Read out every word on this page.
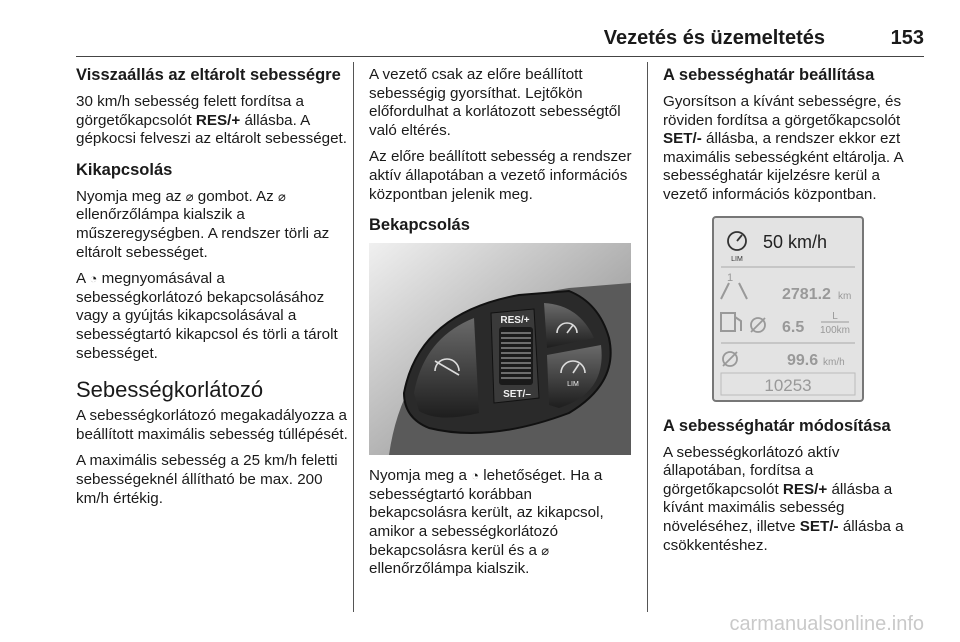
Vezetés és üzemeltetés	153
Visszaállás az eltárolt sebességre

30 km/h sebesség felett fordítsa a görgetőkapcsolót RES/+ állásba. A gépkocsi felveszi az eltárolt sebességet.

Kikapcsolás

Nyomja meg az ⌀ gombot. Az ⌀ ellenőrzőlámpa kialszik a műszeregységben. A rendszer törli az eltárolt sebességet.

A ◔ megnyomásával a sebességkorlátozó bekapcsolásához vagy a gyújtás kikapcsolásával a sebességtartó kikapcsol és törli a tárolt sebességet.

Sebességkorlátozó

A sebességkorlátozó megakadályozza a beállított maximális sebesség túllépését.

A maximális sebesség a 25 km/h feletti sebességeknél állítható be max. 200 km/h értékig.

A vezető csak az előre beállított sebességig gyorsíthat. Lejtőkön előfordulhat a korlátozott sebességtől való eltérés.

Az előre beállított sebesség a rendszer aktív állapotában a vezető információs központban jelenik meg.

Bekapcsolás
RES/+
SET/–
LIM

Nyomja meg a ◔ lehetőséget. Ha a sebességtartó korábban bekapcsolásra került, az kikapcsol, amikor a sebességkorlátozó bekapcsolásra kerül és a ⌀ ellenőrzőlámpa kialszik.

A sebességhatár beállítása

Gyorsítson a kívánt sebességre, és röviden fordítsa a görgetőkapcsolót SET/- állásba, a rendszer ekkor ezt maximális sebességként eltárolja. A sebességhatár kijelzésre kerül a vezető információs központban.

LIM
50 km/h
1
2781.2 km
6.5
L
100km
99.6 km/h
10253
A sebességhatár módosítása

A sebességkorlátozó aktív állapotában, fordítsa a görgetőkapcsolót RES/+ állásba a kívánt maximális sebesség növeléséhez, illetve SET/- állásba a csökkentéshez.

carmanualsonline.info
